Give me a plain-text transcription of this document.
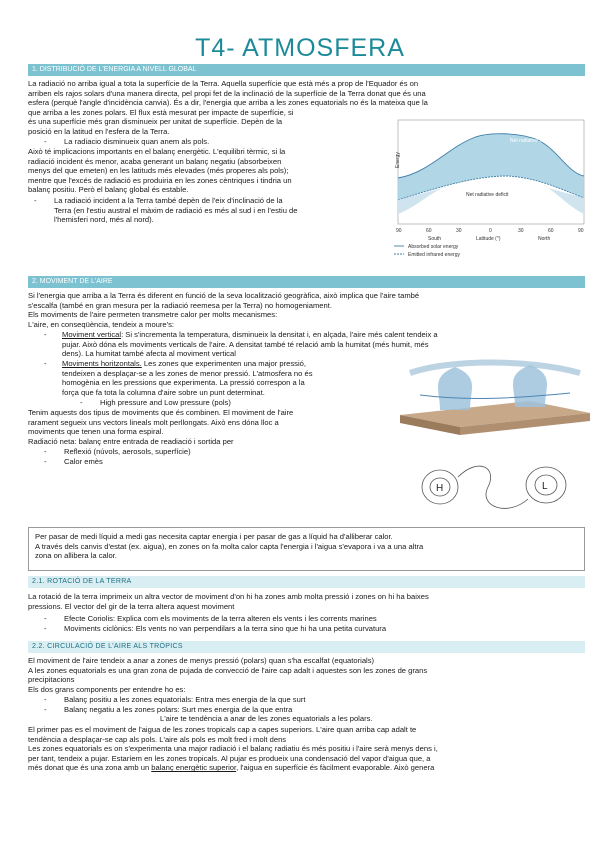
T4- ATMOSFERA
1. DISTRIBUCIÓ DE L'ENERGIA A NIVELL GLOBAL
La radiació no arriba igual a tota la superfície de la Terra. Aquella superfície que està més a prop de l'Equador és on
arriben els rajos solars d'una manera directa, pel propi fet de la inclinació de la superfície de la Terra donat que és una
esfera (perquè l'angle d'incidència canvia). És a dir, l'energia que arriba a les zones equatorials no és la mateixa que la
que arriba a les zones polars. El flux està mesurat per impacte de superfície, si
és una superfície més gran disminueix per unitat de superfície. Depèn de la
posició en la latitud en l'esfera de la Terra.
- La radiacio disminueix quan anem als pols.
Això té implicacions importants en el balanç energètic. L'equilibri tèrmic, si la
radiació incident és menor, acaba generant un balanç negatiu (absorbeixen
menys del que emeten) en les latituds més elevades (més properes als pols);
mentre que l'excés de radiació es produiria en les zones cèntriques i tindria un
balanç positiu. Però el balanç global és estable.
- La radiació incident a la Terra també depèn de l'eix d'inclinació de la
Terra (en l'estiu austral el màxim de radiació es més al sud i en l'estiu de
l'hemisferi nord, més al nord).
Energy
Net radiative surplus
Net radiative deficit
90	60	30	0	30	60	90
South	Latitude (°)	North
Absorbed solar energy
Emitted infrared energy
2. MOVIMENT DE L'AIRE
Si l'energia que arriba a la Terra és diferent en funció de la seva localització geogràfica, això implica que l'aire també
s'escalfa (també en gran mesura per la radiació reemesa per la Terra) no homogeniament.
Els moviments de l'aire permeten transmetre calor per molts mecanismes:
L'aire, en conseqüència, tendeix a moure's:
- Moviment vertical: Si s'incrementa la temperatura, disminueix la densitat i, en alçada, l'aire més calent tendeix a
pujar. Això dóna els moviments verticals de l'aire. A densitat també té relació amb la humitat (més humit, més
dens). La humitat també afecta al moviment vertical
- Moviments horitzontals. Les zones que experimenten una major pressió,
tendeixen a desplaçar-se a les zones de menor pressió. L'atmosfera no és
homogènia en les pressions que experimenta. La pressió correspon a la
força que fa tota la columna d'aire sobre un punt determinat.
- High pressure and Low pressure (pols)
Tenim aquests dos tipus de moviments que és combinen. El moviment de l'aire
rarament segueix uns vectors lineals molt perllongats. Això ens dóna lloc a
moviments que tenen una forma espiral.
Radiació neta: balanç entre entrada de readiació i sortida per
- Reflexió (núvols, aerosols, superfície)
- Calor emès
H	L
Per pasar de medi líquid a medi gas necesita captar energia i per pasar de gas a líquid ha d'alliberar calor.
A través dels canvis d'estat (ex. aigua), en zones on fa molta calor capta l'energia i l'aigua s'evapora i va a una altra
zona on allibera la calor.
2.1. ROTACIÓ DE LA TERRA
La rotació de la terra imprimeix un altra vector de moviment d'on hi ha zones amb molta pressió i zones on hi ha baixes
pressions. El vector del gir de la terra altera aquest moviment
- Efecte Coriolis: Explica com els moviments de la terra alteren els vents i les corrents marines
- Moviments ciclònics: Els vents no van perpendilars a la terra sino que hi ha una petita curvatura
2.2. CIRCULACIÓ DE L'AIRE ALS TRÒPICS
El moviment de l'aire tendeix a anar a zones de menys pressió (polars) quan s'ha escalfat (equatorials)
A les zones equatorials es una gran zona de pujada de convecció de l'aire cap adalt i aquestes son les zones de grans
precipitacions
Els dos grans components per entendre ho es:
- Balanç positiu a les zones equatorials: Entra mes energia de la que surt
- Balanç negatiu a les zones polars: Surt mes energia de la que entra
L'aire te tendència a anar de les zones equatorials a les polars.
El primer pas es el moviment de l'aigua de les zones tropicals cap a capes superiors. L'aire quan arriba cap adalt te
tendència a desplaçar-se cap als pols. L'aire als pols es molt fred i molt dens
Les zones equatorials es on s'experimenta una major radiació i el balanç radiatiu és més positiu i l'aire serà menys dens i,
per tant, tendeix a pujar. Estaríem en les zones tropicals. Al pujar es produeix una condensació del vapor d'aigua que, a
més donat que és una zona amb un balanç energètic superior, l'aigua en superfície és fàcilment evaporable. Això genera
